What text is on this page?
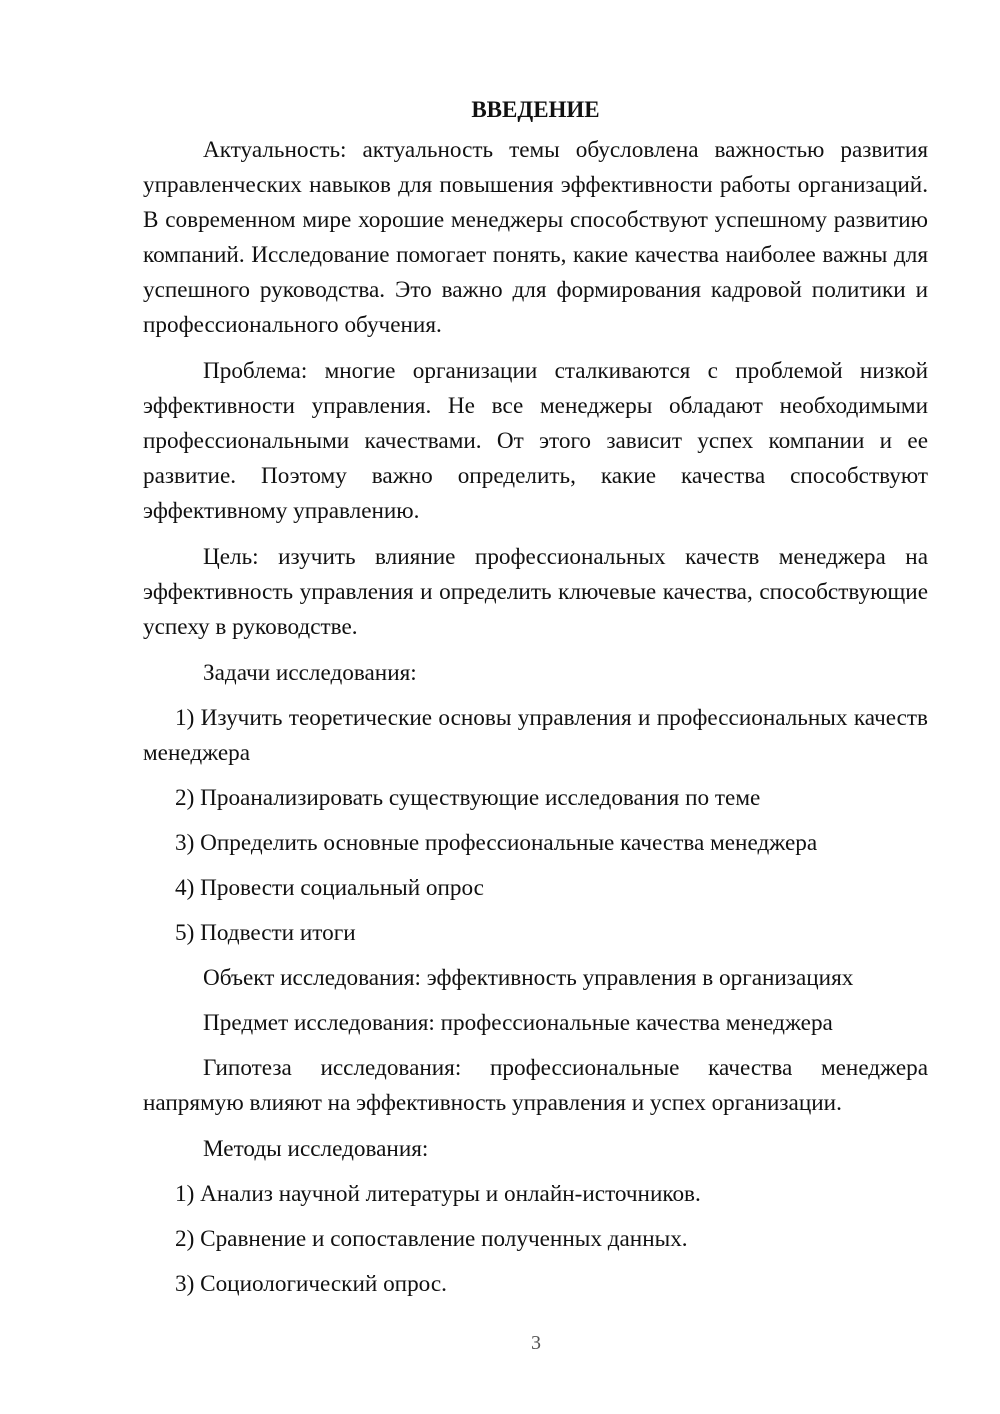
ВВЕДЕНИЕ
Актуальность: актуальность темы обусловлена важностью развития управленческих навыков для повышения эффективности работы организаций. В современном мире хорошие менеджеры способствуют успешному развитию компаний. Исследование помогает понять, какие качества наиболее важны для успешного руководства. Это важно для формирования кадровой политики и профессионального обучения.
Проблема: многие организации сталкиваются с проблемой низкой эффективности управления. Не все менеджеры обладают необходимыми профессиональными качествами. От этого зависит успех компании и ее развитие. Поэтому важно определить, какие качества способствуют эффективному управлению.
Цель: изучить влияние профессиональных качеств менеджера на эффективность управления и определить ключевые качества, способствующие успеху в руководстве.
Задачи исследования:
1) Изучить теоретические основы управления и профессиональных качеств менеджера
2) Проанализировать существующие исследования по теме
3) Определить основные профессиональные качества менеджера
4) Провести социальный опрос
5) Подвести итоги
Объект исследования: эффективность управления в организациях
Предмет исследования: профессиональные качества менеджера
Гипотеза исследования: профессиональные качества менеджера напрямую влияют на эффективность управления и успех организации.
Методы исследования:
1) Анализ научной литературы и онлайн-источников.
2) Сравнение и сопоставление полученных данных.
3) Социологический опрос.
3
